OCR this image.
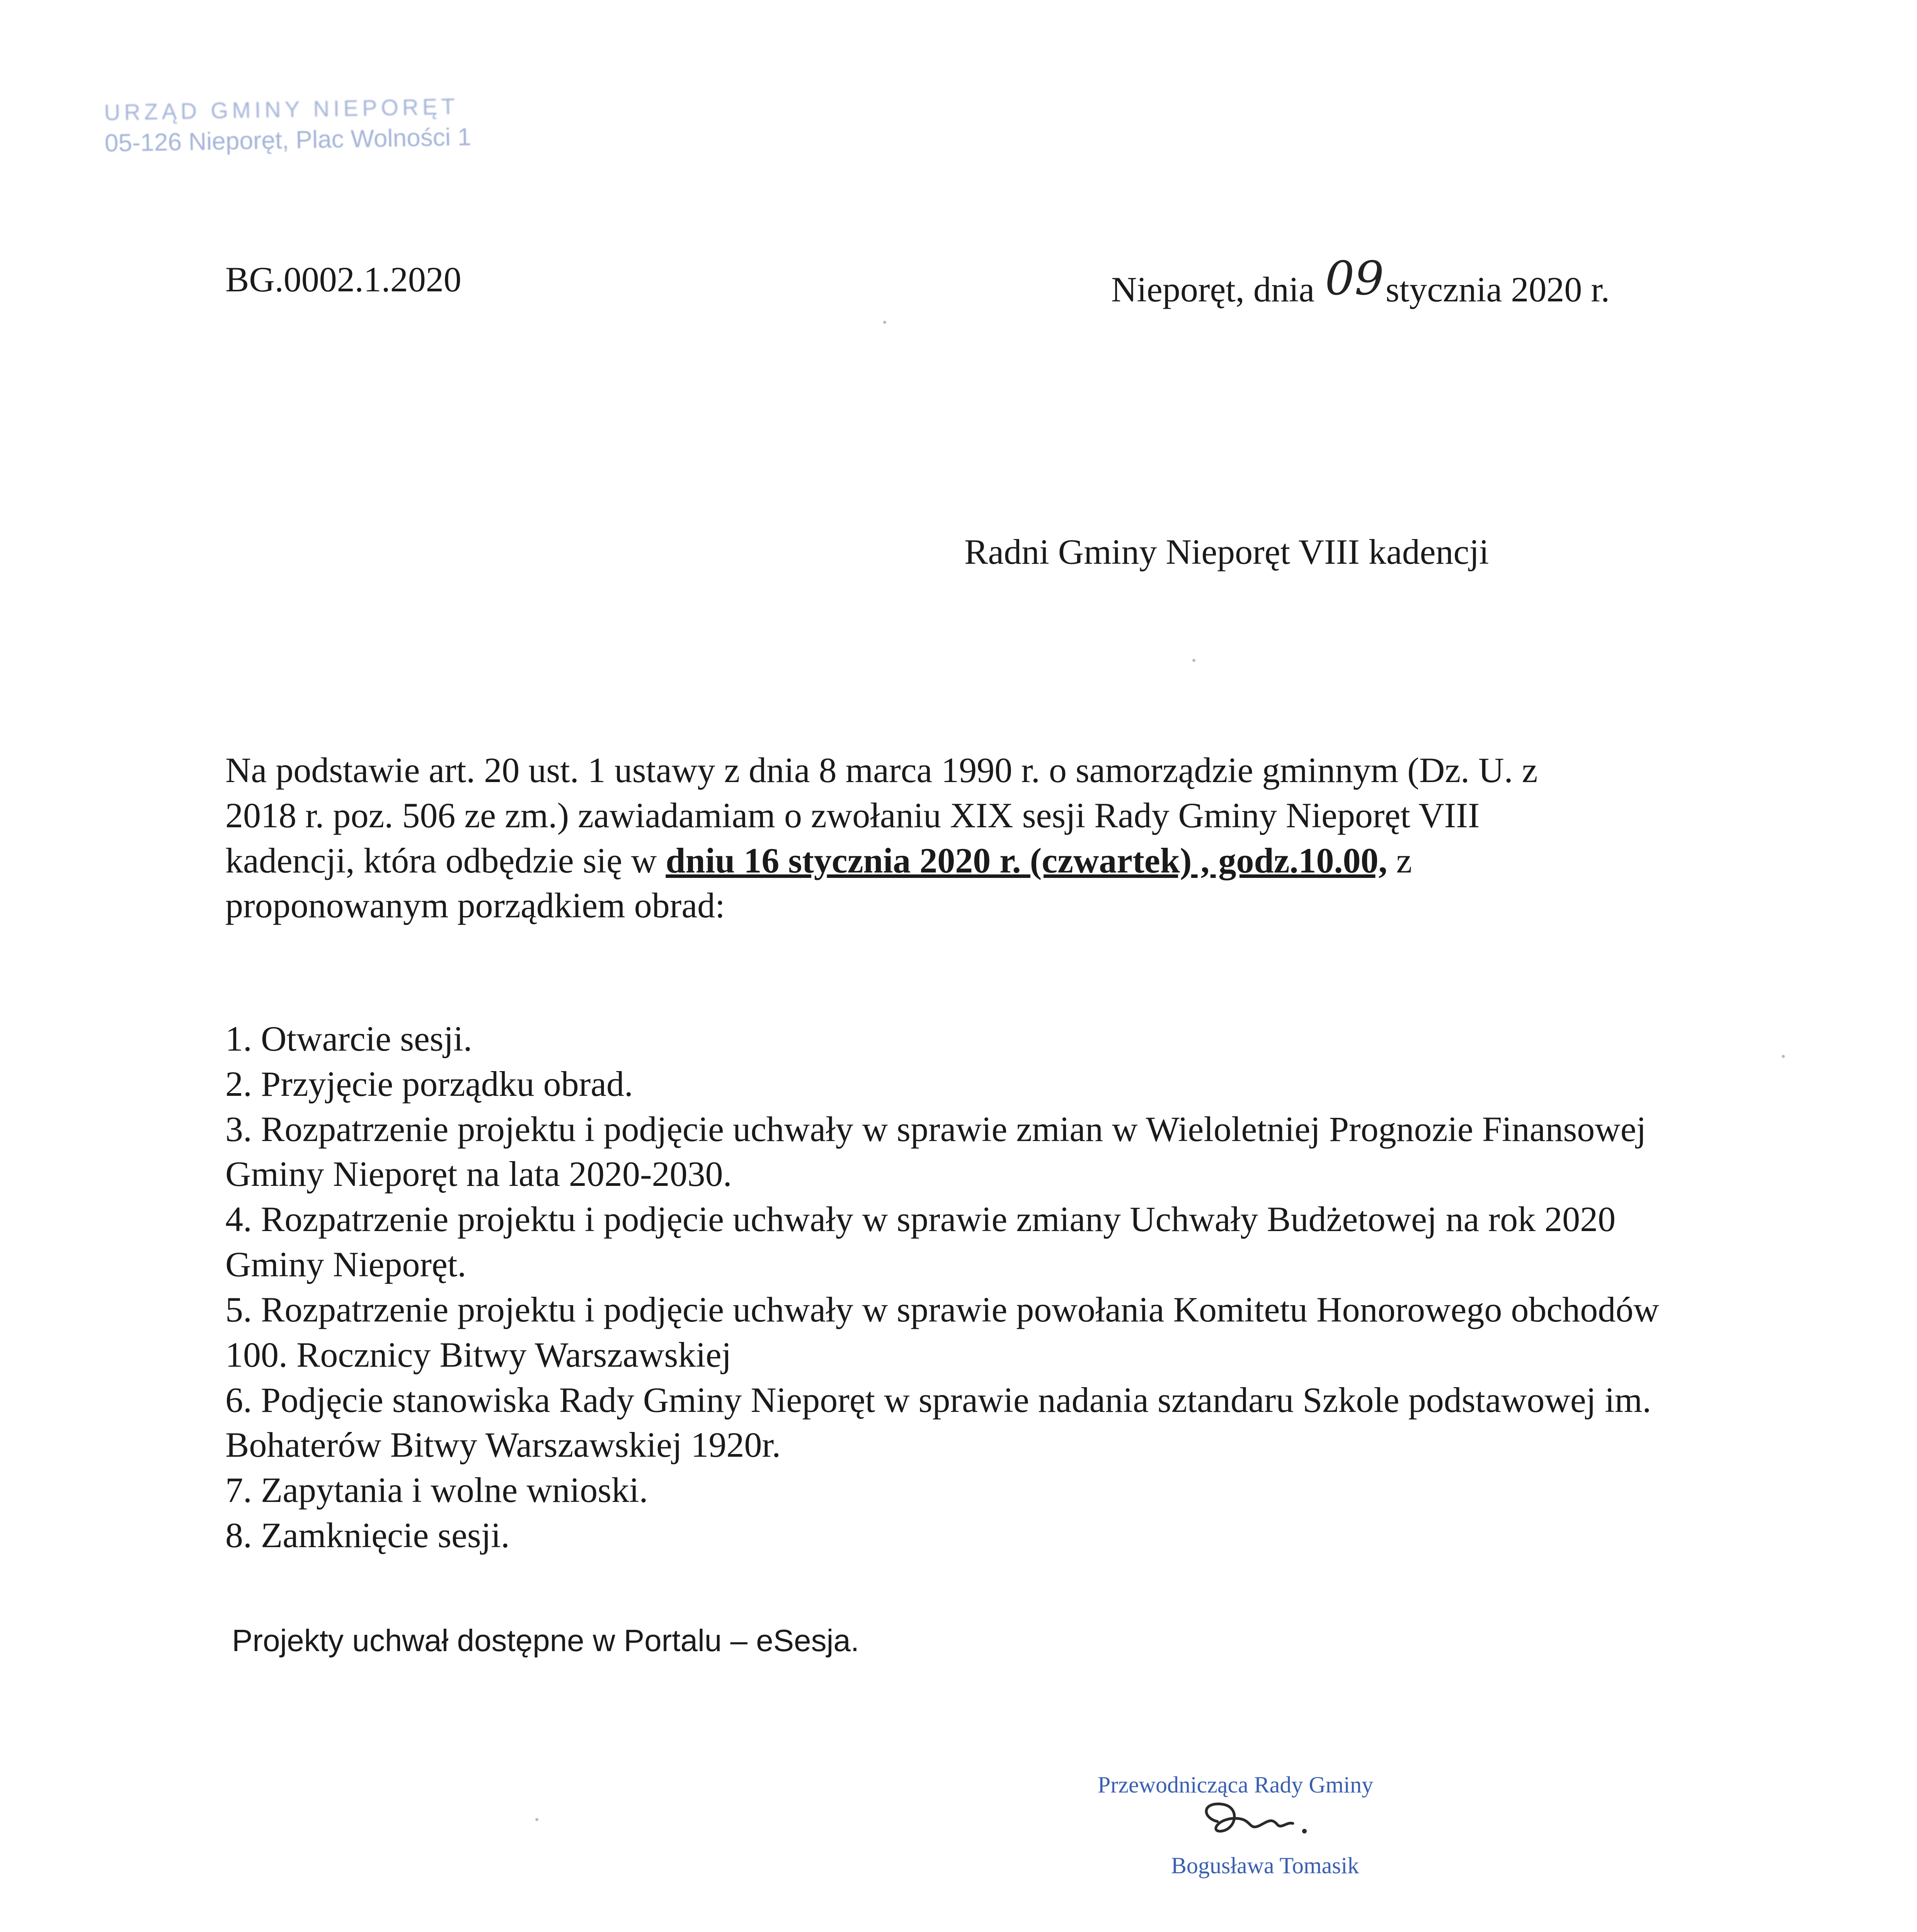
URZĄD GMINY NIEPORĘT
05-126 Nieporęt, Plac Wolności 1
BG.0002.1.2020	Nieporęt, dnia 09stycznia 2020 r.
Radni Gminy Nieporęt VIII kadencji
Na podstawie art. 20 ust. 1 ustawy z dnia 8 marca 1990 r. o samorządzie gminnym (Dz. U. z 2018 r. poz. 506 ze zm.) zawiadamiam o zwołaniu XIX sesji Rady Gminy Nieporęt VIII kadencji, która odbędzie się w dniu 16 stycznia 2020 r. (czwartek) , godz.10.00, z proponowanym porządkiem obrad:
1. Otwarcie sesji.
2. Przyjęcie porządku obrad.
3. Rozpatrzenie projektu i podjęcie uchwały w sprawie zmian w Wieloletniej Prognozie Finansowej Gminy Nieporęt na lata 2020-2030.
4. Rozpatrzenie projektu i podjęcie uchwały w sprawie zmiany Uchwały Budżetowej na rok 2020 Gminy Nieporęt.
5. Rozpatrzenie projektu i podjęcie uchwały w sprawie powołania Komitetu Honorowego obchodów 100. Rocznicy Bitwy Warszawskiej
6. Podjęcie stanowiska Rady Gminy Nieporęt w sprawie nadania sztandaru Szkole podstawowej im. Bohaterów Bitwy Warszawskiej 1920r.
7. Zapytania i wolne wnioski.
8. Zamknięcie sesji.
Projekty uchwał dostępne w Portalu – eSesja.
Przewodnicząca Rady Gminy
Bogusława Tomasik
